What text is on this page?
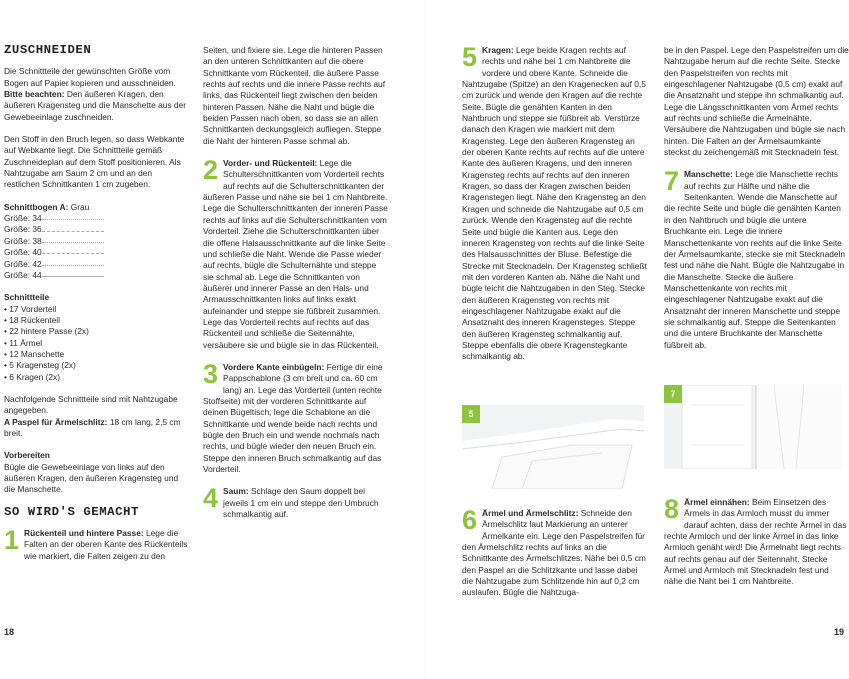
ZUSCHNEIDEN

Die Schnittteile der gewünschten Größe vom Bogen auf Papier kopieren und ausschneiden.

Bitte beachten: Den äußeren Kragen, den äußeren Kragensteg und die Manschette aus der Gewebeeinlage zuschneiden.

Den Stoff in den Bruch legen, so dass Webkante auf Webkante liegt. Die Schnittteile gemäß Zuschneideplan auf dem Stoff positionieren. Als Nahtzugabe am Saum 2 cm und an den restlichen Schnittkanten 1 cm zugeben.

Schnittbogen A: Grau
Größe: 34
Größe: 36
Größe: 38
Größe: 40
Größe: 42
Größe: 44
Schnittteile
• 17 Vorderteil
• 18 Rückenteil
• 22 hintere Passe (2x)
• 11 Ärmel
• 12 Manschette
• 5 Kragensteg (2x)
• 6 Kragen (2x)

Nachfolgende Schnittteile sind mit Nahtzugabe angegeben.

A Paspel für Ärmelschlitz: 18 cm lang, 2,5 cm breit.

Vorbereiten

Bügle die Gewebeeinlage von links auf den äußeren Kragen, den äußeren Kragensteg und die Manschette.

SO WIRD'S GEMACHT
1 Rückenteil und hintere Passe: Lege die Falten an der oberen Kante des Rückenteils wie markiert, die Falten zeigen zu den

Seiten, und fixiere sie. Lege die hinteren Passen an den unteren Schnittkanten auf die obere Schnittkante vom Rückenteil, die äußere Passe rechts auf rechts und die innere Passe rechts auf links, das Rückenteil liegt zwischen den beiden hinteren Passen. Nähe die Naht und bügle die beiden Passen nach oben, so dass sie an allen Schnittkanten deckungsgleich aufliegen. Steppe die Naht der hinteren Passe schmal ab.

2 Vorder- und Rückenteil: Lege die Schulterschnittkanten vom Vorderteil rechts auf rechts auf die Schulterschnittkanten der äußeren Passe und nähe sie bei 1 cm Nahtbreite. Lege die Schulterschnittkanten der inneren Passe rechts auf links auf die Schulterschnittkanten vom Vorderteil. Ziehe die Schulterschnittkanten über die offene Halsausschnittkante auf die linke Seite und schließe die Naht. Wende die Passe wieder auf rechts, bügle die Schulternähte und steppe sie schmal ab. Lege die Schnittkanten von äußerer und innerer Passe an den Hals- und Armausschnittkanten links auf links exakt aufeinander und steppe sie füßbreit zusammen. Lege das Vorderteil rechts auf rechts auf das Rückenteil und schließe die Seitennähte, versäubere sie und bügle sie in das Rückenteil.
3 Vordere Kante einbügeln: Fertige dir eine Pappschablone (3 cm breit und ca. 60 cm lang) an. Lege das Vorderteil (unten rechte Stoffseite) mit der vorderen Schnittkante auf deinen Bügeltisch, lege die Schablone an die Schnittkante und wende beide nach rechts und bügle den Bruch ein und wende nochmals nach rechts, und bügle wieder den neuen Bruch ein. Steppe den inneren Bruch schmalkantig auf das Vorderteil.
4 Saum: Schlage den Saum doppelt bei jeweils 1 cm ein und steppe den Umbruch schmalkantig auf.
5 Kragen: Lege beide Kragen rechts auf rechts und nähe bei 1 cm Nahtbreite die vordere und obere Kante. Schneide die Nahtzugabe (Spitze) an den Kragenecken auf 0,5 cm zurück und wende den Kragen auf die rechte Seite. Bügle die genähten Kanten in den Nahtbruch und steppe sie füßbreit ab. Verstürze danach den Kragen wie markiert mit dem Kragensteg. Lege den äußeren Kragensteg an der oberen Kante rechts auf rechts auf die untere Kante des äußeren Kragens, und den inneren Kragensteg rechts auf rechts auf den inneren Kragen, so dass der Kragen zwischen beiden Kragenstegen liegt. Nähe den Kragensteg an den Kragen und schneide die Nahtzugabe auf 0,5 cm zurück. Wende den Kragensteg auf die rechte Seite und bügle die Kanten aus. Lege den inneren Kragensteg von rechts auf die linke Seite des Halsausschnittes der Bluse. Befestige die Strecke mit Stecknadeln. Der Kragensteg schließt mit den vorderen Kanten ab. Nähe die Naht und bügle leicht die Nahtzugaben in den Steg. Stecke den äußeren Kragensteg von rechts mit eingeschlagener Nahtzugabe exakt auf die Ansatznaht des inneren Kragensteges. Steppe den äußeren Kragensteg schmalkantig auf. Steppe ebenfalls die obere Kragenstegkante schmalkantig ab.

be in den Paspel. Lege den Paspelstreifen um die Nahtzugabe herum auf die rechte Seite. Stecke den Paspelstreifen von rechts mit eingeschlagener Nahtzugabe (0,5 cm) exakt auf die Ansatznaht und steppe ihn schmalkantig auf. Lege die Längsschnittkanten vom Ärmel rechts auf rechts und schließe die Ärmelnähte. Versäubere die Nahtzugaben und bügle sie nach hinten. Die Falten an der Ärmelsaumkante steckst du zeichengemäß mit Stecknadeln fest.

7 Manschette: Lege die Manschette rechts auf rechts zur Hälfte und nähe die Seitenkanten. Wende die Manschette auf die rechte Seite und bügle die genähten Kanten in den Nahtbruch und bügle die untere Bruchkante ein. Lege die innere Manschettenkante von rechts auf die linke Seite der Ärmelsaumkante, stecke sie mit Stecknadeln fest und nähe die Naht. Bügle die Nahtzugabe in die Manschette. Stecke die äußere Manschettenkante von rechts mit eingeschlagener Nahtzugabe exakt auf die Ansatznaht der inneren Manschette und steppe sie schmalkantig auf. Steppe die Seitenkanten und die untere Bruchkante der Manschette füßbreit ab.
5
7
6 Ärmel und Ärmelschlitz: Schneide den Ärmelschlitz laut Markierung an unterer Ärmelkante ein. Lege den Paspelstreifen für den Ärmelschlitz rechts auf links an die Schnittkante des Ärmelschlitzes. Nähe bei 0,5 cm den Paspel an die Schlitzkante und lasse dabei die Nahtzugabe zum Schlitzende hin auf 0,2 cm auslaufen. Bügle die Nahtzuga-
8 Ärmel einnähen: Beim Einsetzen des Ärmels in das Armloch musst du immer darauf achten, dass der rechte Ärmel in das rechte Armloch und der linke Ärmel in das linke Armloch genäht wird! Die Ärmelnaht liegt rechts auf rechts genau auf der Seitennaht. Stecke Ärmel und Armloch mit Stecknadeln fest und nähe die Naht bei 1 cm Nahtbreite.
18	19
